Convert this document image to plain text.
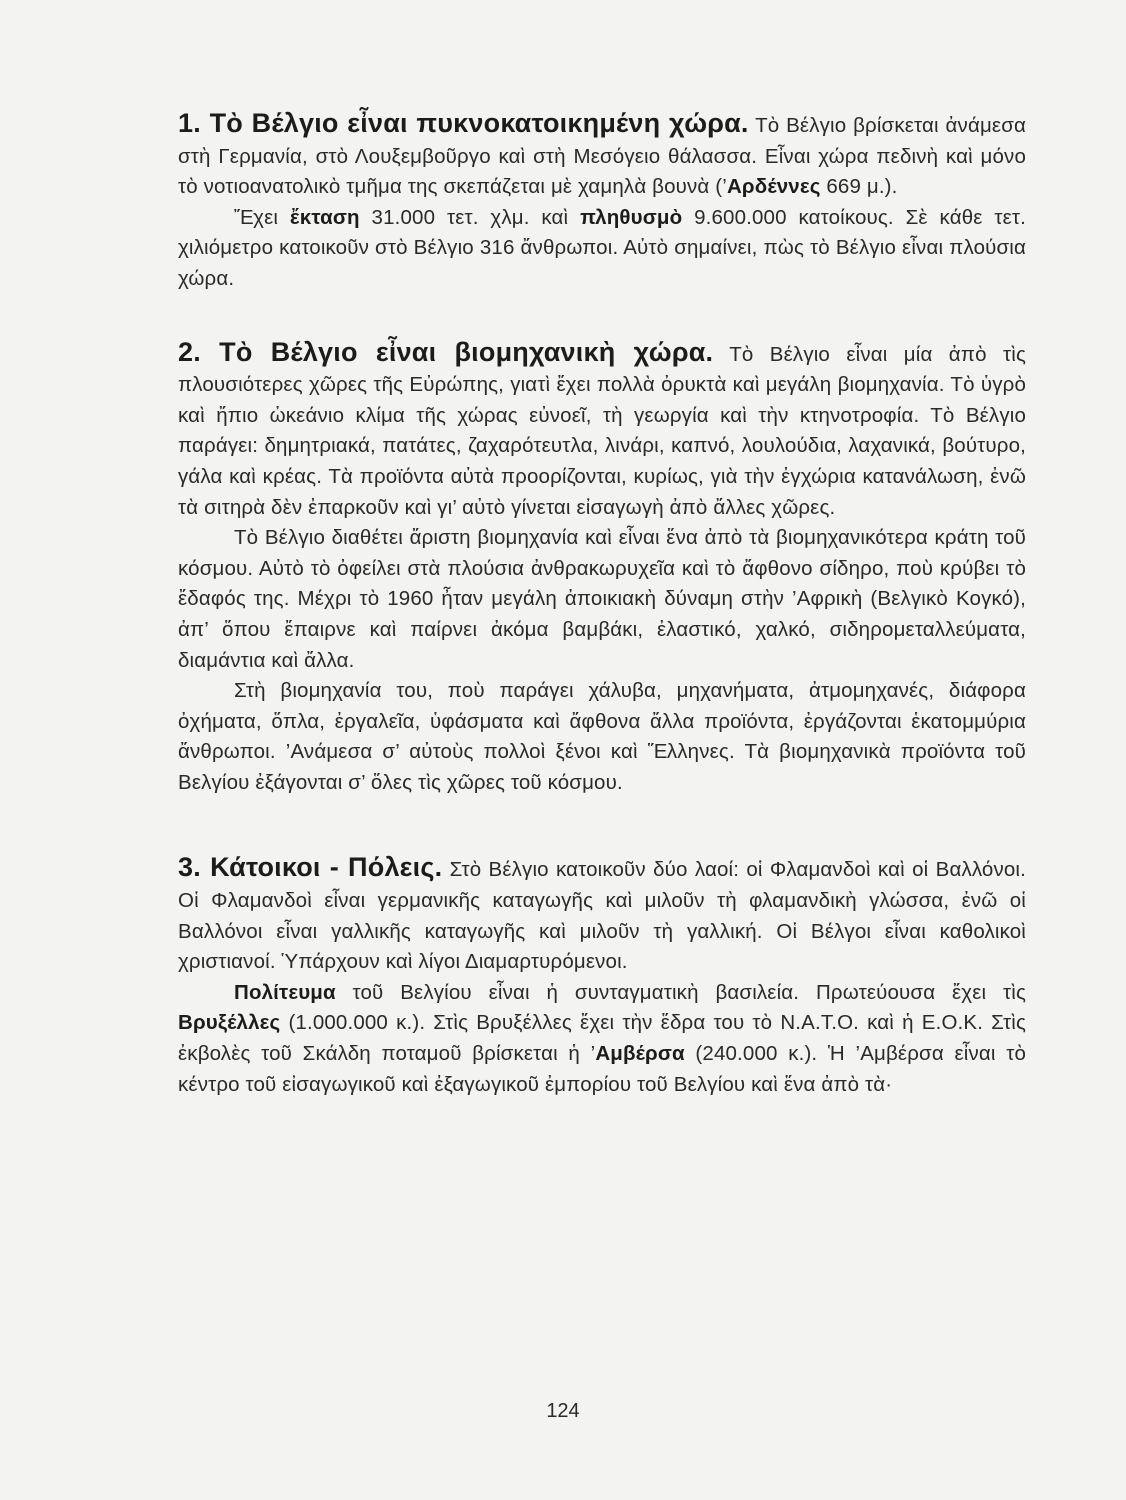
1. Τὸ Βέλγιο εἶναι πυκνοκατοικημένη χώρα. Τὸ Βέλγιο βρίσκεται ἀνάμεσα στὴ Γερμανία, στὸ Λουξεμβοῦργο καὶ στὴ Μεσόγειο θάλασσα. Εἶναι χώρα πεδινὴ καὶ μόνο τὸ νοτιοανατολικὸ τμῆμα της σκεπάζεται μὲ χαμηλὰ βουνὰ (’Αρδέννες 669 μ.).

Ἔχει ἔκταση 31.000 τετ. χλμ. καὶ πληθυσμὸ 9.600.000 κατοίκους. Σὲ κάθε τετ. χιλιόμετρο κατοικοῦν στὸ Βέλγιο 316 ἄνθρωποι. Αὐτὸ σημαίνει, πὼς τὸ Βέλγιο εἶναι πλούσια χώρα.

2. Τὸ Βέλγιο εἶναι βιομηχανικὴ χώρα. Τὸ Βέλγιο εἶναι μία ἀπὸ τὶς πλουσιότερες χῶρες τῆς Εὐρώπης, γιατὶ ἔχει πολλὰ ὀρυκτὰ καὶ μεγάλη βιομηχανία. Τὸ ὑγρὸ καὶ ἤπιο ὠκεάνιο κλίμα τῆς χώρας εὐνοεῖ, τὴ γεωργία καὶ τὴν κτηνοτροφία. Τὸ Βέλγιο παράγει: δημητριακά, πατάτες, ζαχαρότευτλα, λινάρι, καπνό, λουλούδια, λαχανικά, βούτυρο, γάλα καὶ κρέας. Τὰ προϊόντα αὐτὰ προορίζονται, κυρίως, γιὰ τὴν ἐγχώρια κατανάλωση, ἐνῶ τὰ σιτηρὰ δὲν ἐπαρκοῦν καὶ γι’ αὐτὸ γίνεται εἰσαγωγὴ ἀπὸ ἄλλες χῶρες.

Τὸ Βέλγιο διαθέτει ἄριστη βιομηχανία καὶ εἶναι ἕνα ἀπὸ τὰ βιομηχανικότερα κράτη τοῦ κόσμου. Αὐτὸ τὸ ὀφείλει στὰ πλούσια ἀνθρακωρυχεῖα καὶ τὸ ἄφθονο σίδηρο, ποὺ κρύβει τὸ ἔδαφός της. Μέχρι τὸ 1960 ἦταν μεγάλη ἀποικιακὴ δύναμη στὴν ’Αφρικὴ (Βελγικὸ Κογκό), ἀπ’ ὅπου ἔπαιρνε καὶ παίρνει ἀκόμα βαμβάκι, ἐλαστικό, χαλκό, σιδηρομεταλλεύματα, διαμάντια καὶ ἄλλα.

Στὴ βιομηχανία του, ποὺ παράγει χάλυβα, μηχανήματα, ἀτμομηχανές, διάφορα ὀχήματα, ὅπλα, ἐργαλεῖα, ὑφάσματα καὶ ἄφθονα ἄλλα προϊόντα, ἐργάζονται ἑκατομμύρια ἄνθρωποι. ’Ανάμεσα σ’ αὐτοὺς πολλοὶ ξένοι καὶ Ἕλληνες. Τὰ βιομηχανικὰ προϊόντα τοῦ Βελγίου ἐξάγονται σ’ ὅλες τὶς χῶρες τοῦ κόσμου.

3. Κάτοικοι - Πόλεις. Στὸ Βέλγιο κατοικοῦν δύο λαοί: οἱ Φλαμανδοὶ καὶ οἱ Βαλλόνοι. Οἱ Φλαμανδοὶ εἶναι γερμανικῆς καταγωγῆς καὶ μιλοῦν τὴ φλαμανδικὴ γλώσσα, ἐνῶ οἱ Βαλλόνοι εἶναι γαλλικῆς καταγωγῆς καὶ μιλοῦν τὴ γαλλική. Οἱ Βέλγοι εἶναι καθολικοὶ χριστιανοί. Ὑπάρχουν καὶ λίγοι Διαμαρτυρόμενοι.

Πολίτευμα τοῦ Βελγίου εἶναι ἡ συνταγματικὴ βασιλεία. Πρωτεύουσα ἔχει τὶς Βρυξέλλες (1.000.000 κ.). Στὶς Βρυξέλλες ἔχει τὴν ἕδρα του τὸ Ν.Α.Τ.Ο. καὶ ἡ Ε.Ο.Κ. Στὶς ἐκβολὲς τοῦ Σκάλδη ποταμοῦ βρίσκεται ἡ ’Αμβέρσα (240.000 κ.). Ἡ ’Αμβέρσα εἶναι τὸ κέντρο τοῦ εἰσαγωγικοῦ καὶ ἐξαγωγικοῦ ἐμπορίου τοῦ Βελγίου καὶ ἕνα ἀπὸ τὰ·

124
